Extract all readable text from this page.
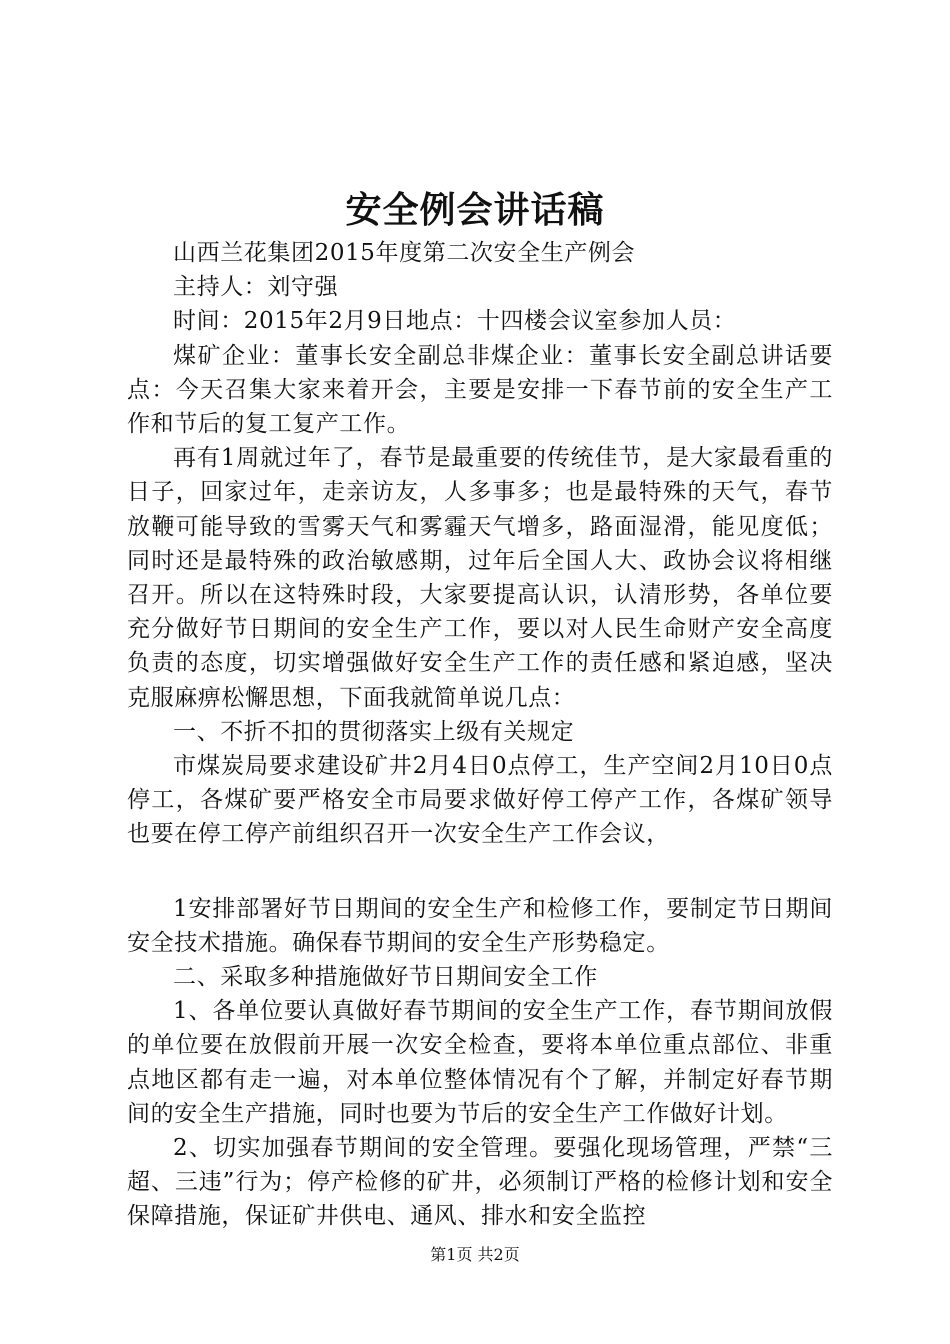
安全例会讲话稿

山西兰花集团2015年度第二次安全生产例会

主持人：刘守强

时间：2015年2月9日地点：十四楼会议室参加人员：

煤矿企业：董事长安全副总非煤企业：董事长安全副总讲话要点：今天召集大家来着开会，主要是安排一下春节前的安全生产工作和节后的复工复产工作。

再有1周就过年了，春节是最重要的传统佳节，是大家最看重的日子，回家过年，走亲访友，人多事多；也是最特殊的天气，春节放鞭可能导致的雪雾天气和雾霾天气增多，路面湿滑，能见度低；同时还是最特殊的政治敏感期，过年后全国人大、政协会议将相继召开。所以在这特殊时段，大家要提高认识，认清形势，各单位要充分做好节日期间的安全生产工作，要以对人民生命财产安全高度负责的态度，切实增强做好安全生产工作的责任感和紧迫感，坚决克服麻痹松懈思想，下面我就简单说几点：

一、不折不扣的贯彻落实上级有关规定

市煤炭局要求建设矿井2月4日0点停工，生产空间2月10日0点停工，各煤矿要严格安全市局要求做好停工停产工作，各煤矿领导也要在停工停产前组织召开一次安全生产工作会议，

1安排部署好节日期间的安全生产和检修工作，要制定节日期间安全技术措施。确保春节期间的安全生产形势稳定。

二、采取多种措施做好节日期间安全工作

1、各单位要认真做好春节期间的安全生产工作，春节期间放假的单位要在放假前开展一次安全检查，要将本单位重点部位、非重点地区都有走一遍，对本单位整体情况有个了解，并制定好春节期间的安全生产措施，同时也要为节后的安全生产工作做好计划。

2、切实加强春节期间的安全管理。要强化现场管理，严禁“三超、三违”行为；停产检修的矿井，必须制订严格的检修计划和安全保障措施，保证矿井供电、通风、排水和安全监控

第1页 共2页
